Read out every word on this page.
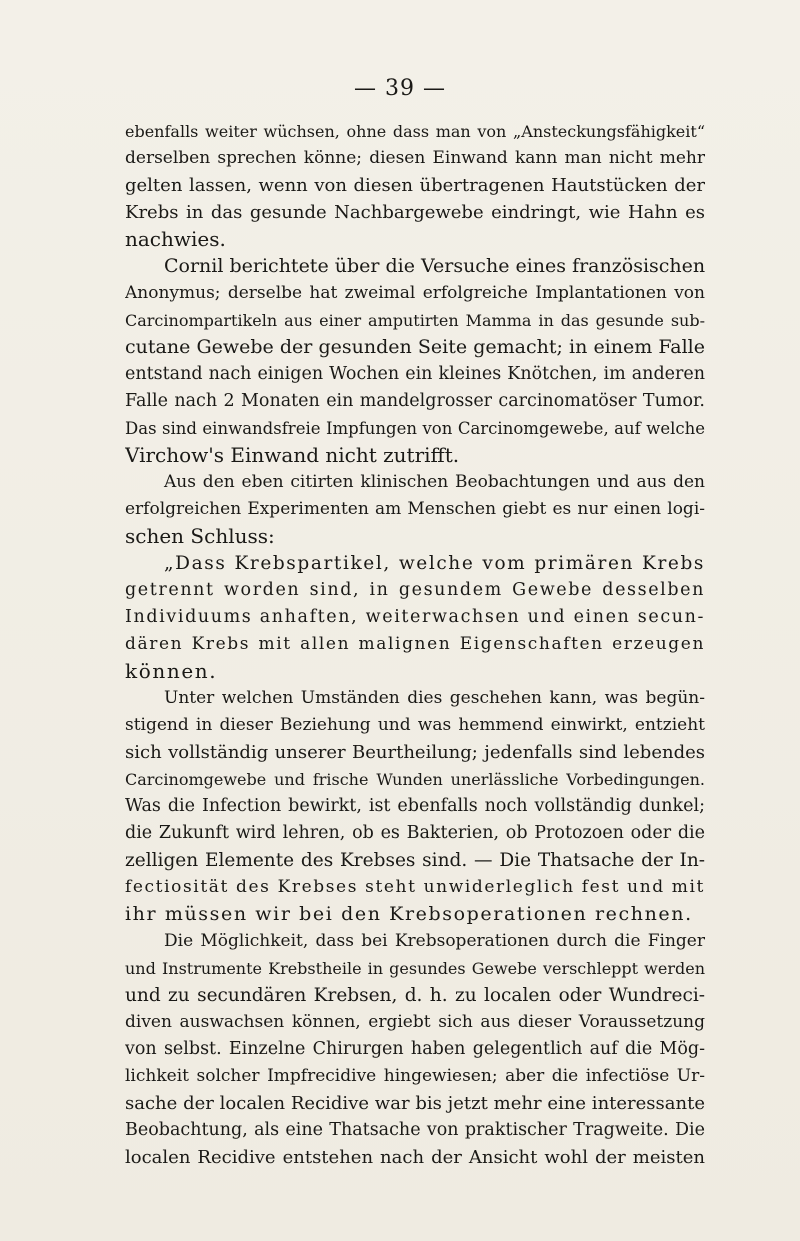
— 39 —
ebenfalls weiter wüchsen, ohne dass man von „Ansteckungsfähigkeit“
derselben sprechen könne; diesen Einwand kann man nicht mehr
gelten lassen, wenn von diesen übertragenen Hautstücken der
Krebs in das gesunde Nachbargewebe eindringt, wie Hahn es
nachwies.
Cornil berichtete über die Versuche eines französischen
Anonymus; derselbe hat zweimal erfolgreiche Implantationen von
Carcinompartikeln aus einer amputirten Mamma in das gesunde sub-
cutane Gewebe der gesunden Seite gemacht; in einem Falle
entstand nach einigen Wochen ein kleines Knötchen, im anderen
Falle nach 2 Monaten ein mandelgrosser carcinomatöser Tumor.
Das sind einwandsfreie Impfungen von Carcinomgewebe, auf welche
Virchow's Einwand nicht zutrifft.
Aus den eben citirten klinischen Beobachtungen und aus den
erfolgreichen Experimenten am Menschen giebt es nur einen logi-
schen Schluss:
„Dass Krebspartikel, welche vom primären Krebs
getrennt worden sind, in gesundem Gewebe desselben
Individuums anhaften, weiterwachsen und einen secun-
dären Krebs mit allen malignen Eigenschaften erzeugen
können.
Unter welchen Umständen dies geschehen kann, was begün-
stigend in dieser Beziehung und was hemmend einwirkt, entzieht
sich vollständig unserer Beurtheilung; jedenfalls sind lebendes
Carcinomgewebe und frische Wunden unerlässliche Vorbedingungen.
Was die Infection bewirkt, ist ebenfalls noch vollständig dunkel;
die Zukunft wird lehren, ob es Bakterien, ob Protozoen oder die
zelligen Elemente des Krebses sind. — Die Thatsache der In-
fectiosität des Krebses steht unwiderleglich fest und mit
ihr müssen wir bei den Krebsoperationen rechnen.
Die Möglichkeit, dass bei Krebsoperationen durch die Finger
und Instrumente Krebstheile in gesundes Gewebe verschleppt werden
und zu secundären Krebsen, d. h. zu localen oder Wundreci-
diven auswachsen können, ergiebt sich aus dieser Voraussetzung
von selbst. Einzelne Chirurgen haben gelegentlich auf die Mög-
lichkeit solcher Impfrecidive hingewiesen; aber die infectiöse Ur-
sache der localen Recidive war bis jetzt mehr eine interessante
Beobachtung, als eine Thatsache von praktischer Tragweite. Die
localen Recidive entstehen nach der Ansicht wohl der meisten
